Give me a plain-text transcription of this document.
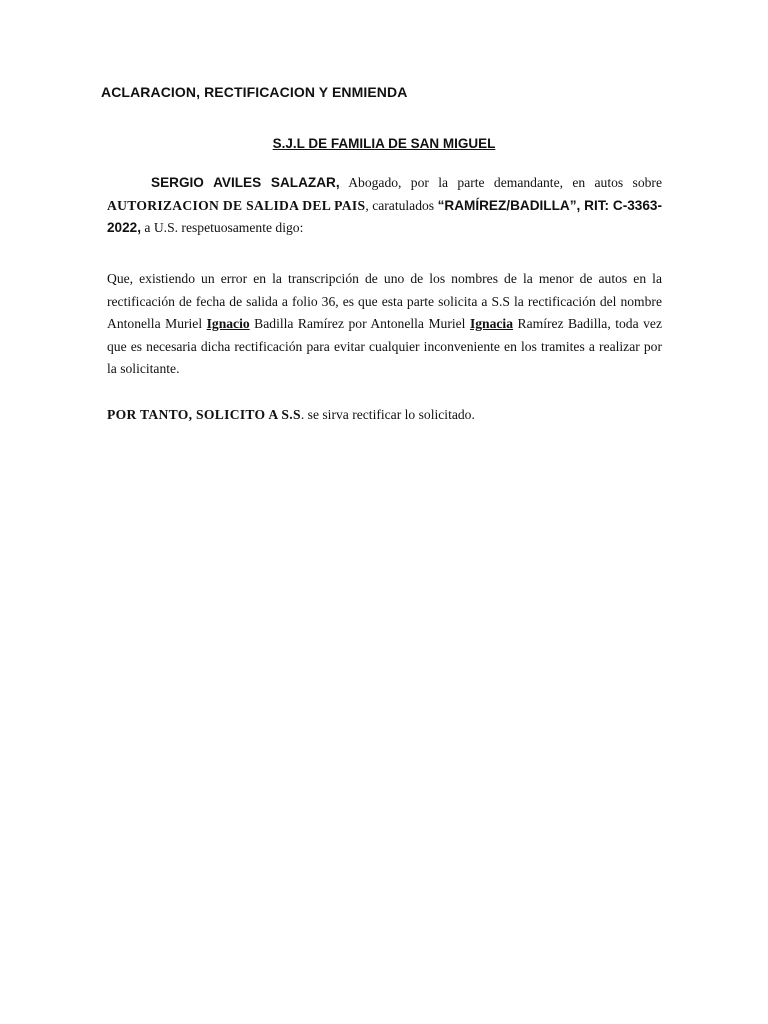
ACLARACION, RECTIFICACION Y ENMIENDA
S.J.L DE FAMILIA DE SAN MIGUEL
SERGIO AVILES SALAZAR, Abogado, por la parte demandante, en autos sobre AUTORIZACION DE SALIDA DEL PAIS, caratulados “RAMÍREZ/BADILLA”, RIT: C-3363-2022, a U.S. respetuosamente digo:
Que, existiendo un error en la transcripción de uno de los nombres de la menor de autos en la rectificación de fecha de salida a folio 36, es que esta parte solicita a S.S la rectificación del nombre Antonella Muriel Ignacio Badilla Ramírez por Antonella Muriel Ignacia Ramírez Badilla, toda vez que es necesaria dicha rectificación para evitar cualquier inconveniente en los tramites a realizar por la solicitante.
POR TANTO, SOLICITO A S.S. se sirva rectificar lo solicitado.
